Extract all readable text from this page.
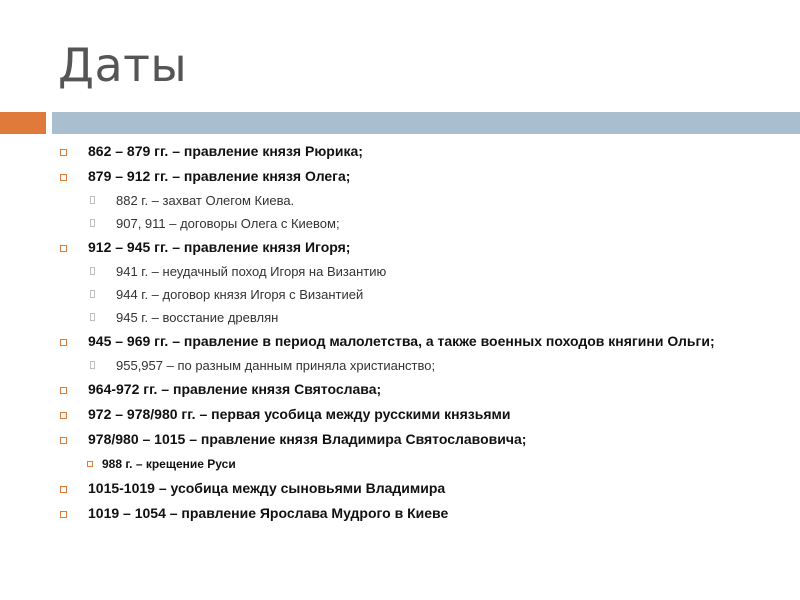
Даты
862 – 879 гг. – правление князя Рюрика;
879 – 912 гг. – правление князя Олега;
882 г. – захват Олегом Киева.
907, 911 – договоры Олега с Киевом;
912 – 945 гг. – правление князя Игоря;
941 г. – неудачный поход Игоря на Византию
944 г. – договор князя Игоря с Византией
945 г. – восстание древлян
945 – 969 гг. – правление в период малолетства, а также военных походов княгини Ольги;
955,957 – по разным данным приняла христианство;
964-972 гг. – правление князя Святослава;
972 – 978/980 гг. – первая усобица между русскими князьями
978/980 – 1015 – правление князя Владимира Святославовича;
988 г. – крещение Руси
1015-1019 – усобица между сыновьями Владимира
1019 – 1054 – правление Ярослава Мудрого в Киеве
